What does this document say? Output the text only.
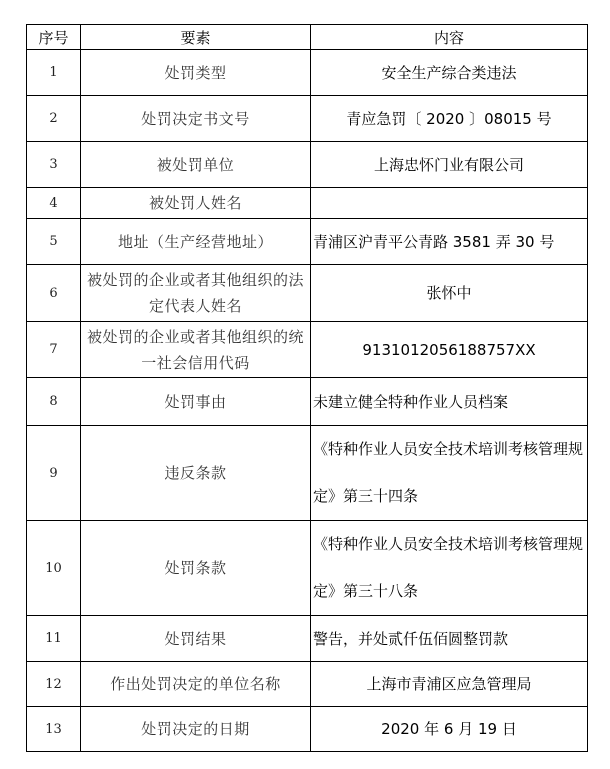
序号	要素	内容
1	处罚类型	安全生产综合类违法
2	处罚决定书文号	青应急罚〔 2020 〕08015 号
3	被处罚单位	上海忠怀门业有限公司
4	被处罚人姓名	
5	地址（生产经营地址）	青浦区沪青平公青路 3581 弄 30 号
6	被处罚的企业或者其他组织的法定代表人姓名	张怀中
7	被处罚的企业或者其他组织的统一社会信用代码	9131012056188757XX
8	处罚事由	未建立健全特种作业人员档案
9	违反条款	《特种作业人员安全技术培训考核管理规定》第三十四条
10	处罚条款	《特种作业人员安全技术培训考核管理规定》第三十八条
11	处罚结果	警告，并处贰仟伍佰圆整罚款
12	作出处罚决定的单位名称	上海市青浦区应急管理局
13	处罚决定的日期	2020 年 6 月 19 日
